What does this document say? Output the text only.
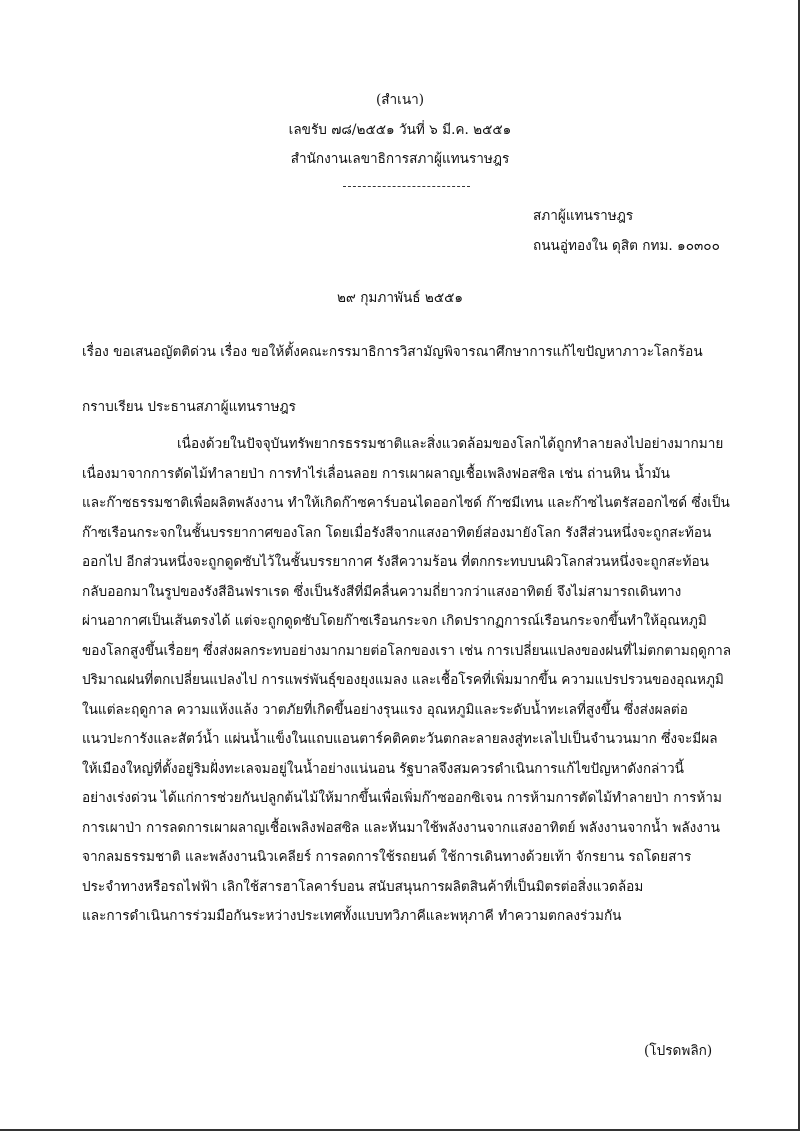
(สำเนา)
เลขรับ ๗๘/๒๕๕๑ วันที่ ๖ มี.ค. ๒๕๕๑
สำนักงานเลขาธิการสภาผู้แทนราษฎร
สภาผู้แทนราษฎร
ถนนอู่ทองใน ดุสิต กทม. ๑๐๓๐๐
๒๙ กุมภาพันธ์ ๒๕๕๑
เรื่อง ขอเสนอญัตติด่วน เรื่อง ขอให้ตั้งคณะกรรมาธิการวิสามัญพิจารณาศึกษาการแก้ไขปัญหาภาวะโลกร้อน
กราบเรียน ประธานสภาผู้แทนราษฎร
เนื่องด้วยในปัจจุบันทรัพยากรธรรมชาติและสิ่งแวดล้อมของโลกได้ถูกทำลายลงไปอย่างมากมาย
เนื่องมาจากการตัดไม้ทำลายป่า การทำไร่เลื่อนลอย การเผาผลาญเชื้อเพลิงฟอสซิล เช่น ถ่านหิน น้ำมัน
และก๊าซธรรมชาติเพื่อผลิตพลังงาน ทำให้เกิดก๊าซคาร์บอนไดออกไซด์ ก๊าซมีเทน และก๊าซไนตรัสออกไซด์ ซึ่งเป็น
ก๊าซเรือนกระจกในชั้นบรรยากาศของโลก โดยเมื่อรังสีจากแสงอาทิตย์ส่องมายังโลก รังสีส่วนหนึ่งจะถูกสะท้อน
ออกไป อีกส่วนหนึ่งจะถูกดูดซับไว้ในชั้นบรรยากาศ รังสีความร้อน ที่ตกกระทบบนผิวโลกส่วนหนึ่งจะถูกสะท้อน
กลับออกมาในรูปของรังสีอินฟราเรด ซึ่งเป็นรังสีที่มีคลื่นความถี่ยาวกว่าแสงอาทิตย์ จึงไม่สามารถเดินทาง
ผ่านอากาศเป็นเส้นตรงได้ แต่จะถูกดูดซับโดยก๊าซเรือนกระจก เกิดปรากฏการณ์เรือนกระจกขึ้นทำให้อุณหภูมิ
ของโลกสูงขึ้นเรื่อยๆ ซึ่งส่งผลกระทบอย่างมากมายต่อโลกของเรา เช่น การเปลี่ยนแปลงของฝนที่ไม่ตกตามฤดูกาล
ปริมาณฝนที่ตกเปลี่ยนแปลงไป การแพร่พันธุ์ของยุงแมลง และเชื้อโรคที่เพิ่มมากขึ้น ความแปรปรวนของอุณหภูมิ
ในแต่ละฤดูกาล ความแห้งแล้ง วาตภัยที่เกิดขึ้นอย่างรุนแรง อุณหภูมิและระดับน้ำทะเลที่สูงขึ้น ซึ่งส่งผลต่อ
แนวปะการังและสัตว์น้ำ แผ่นน้ำแข็งในแถบแอนตาร์คติคตะวันตกละลายลงสู่ทะเลไปเป็นจำนวนมาก ซึ่งจะมีผล
ให้เมืองใหญ่ที่ตั้งอยู่ริมฝั่งทะเลจมอยู่ในน้ำอย่างแน่นอน รัฐบาลจึงสมควรดำเนินการแก้ไขปัญหาดังกล่าวนี้
อย่างเร่งด่วน ได้แก่การช่วยกันปลูกต้นไม้ให้มากขึ้นเพื่อเพิ่มก๊าซออกซิเจน การห้ามการตัดไม้ทำลายป่า การห้าม
การเผาป่า การลดการเผาผลาญเชื้อเพลิงฟอสซิล และหันมาใช้พลังงานจากแสงอาทิตย์ พลังงานจากน้ำ พลังงาน
จากลมธรรมชาติ และพลังงานนิวเคลียร์ การลดการใช้รถยนต์ ใช้การเดินทางด้วยเท้า จักรยาน รถโดยสาร
ประจำทางหรือรถไฟฟ้า เลิกใช้สารฮาโลคาร์บอน สนับสนุนการผลิตสินค้าที่เป็นมิตรต่อสิ่งแวดล้อม
และการดำเนินการร่วมมือกันระหว่างประเทศทั้งแบบทวิภาคีและพหุภาคี ทำความตกลงร่วมกัน
(โปรดพลิก)
